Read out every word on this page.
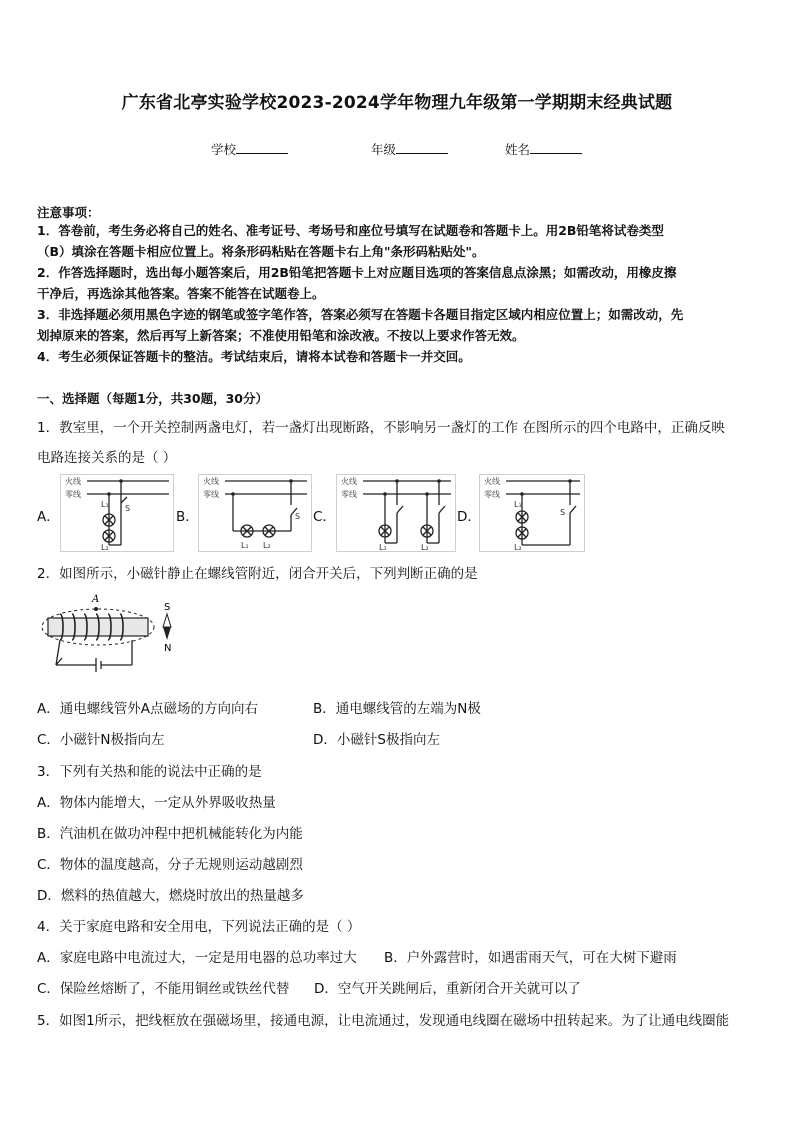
广东省北亭实验学校2023-2024学年物理九年级第一学期期末经典试题
学校	年级	姓名
注意事项：
1．答卷前，考生务必将自己的姓名、准考证号、考场号和座位号填写在试题卷和答题卡上。用2B铅笔将试卷类型
（B）填涂在答题卡相应位置上。将条形码粘贴在答题卡右上角"条形码粘贴处"。
2．作答选择题时，选出每小题答案后，用2B铅笔把答题卡上对应题目选项的答案信息点涂黑；如需改动，用橡皮擦
干净后，再选涂其他答案。答案不能答在试题卷上。
3．非选择题必须用黑色字迹的钢笔或签字笔作答，答案必须写在答题卡各题目指定区域内相应位置上；如需改动，先
划掉原来的答案，然后再写上新答案；不准使用铅笔和涂改液。不按以上要求作答无效。
4．考生必须保证答题卡的整洁。考试结束后，请将本试卷和答题卡一并交回。
一、选择题（每题1分，共30题，30分）
1．教室里，一个开关控制两盏电灯，若一盏灯出现断路，不影响另一盏灯的工作 在图所示的四个电路中，正确反映
电路连接关系的是（ ）
A．	B．	C．	D．
火线
零线
L₁
L₂
S
火线
零线
L₁ L₂
S
火线
零线
L₁	L₂
火线
零线
L₁
L₂
S
2．如图所示，小磁针静止在螺线管附近，闭合开关后，下列判断正确的是
A
S
N
A．通电螺线管外A点磁场的方向向右	B．通电螺线管的左端为N极
C．小磁针N极指向左	D．小磁针S极指向左
3．下列有关热和能的说法中正确的是
A．物体内能增大，一定从外界吸收热量
B．汽油机在做功冲程中把机械能转化为内能
C．物体的温度越高，分子无规则运动越剧烈
D．燃料的热值越大，燃烧时放出的热量越多
4．关于家庭电路和安全用电，下列说法正确的是（ ）
A．家庭电路中电流过大，一定是用电器的总功率过大 B．户外露营时，如遇雷雨天气，可在大树下避雨
C．保险丝熔断了，不能用铜丝或铁丝代替 D．空气开关跳闸后，重新闭合开关就可以了
5．如图1所示，把线框放在强磁场里，接通电源，让电流通过，发现通电线圈在磁场中扭转起来。为了让通电线圈能
